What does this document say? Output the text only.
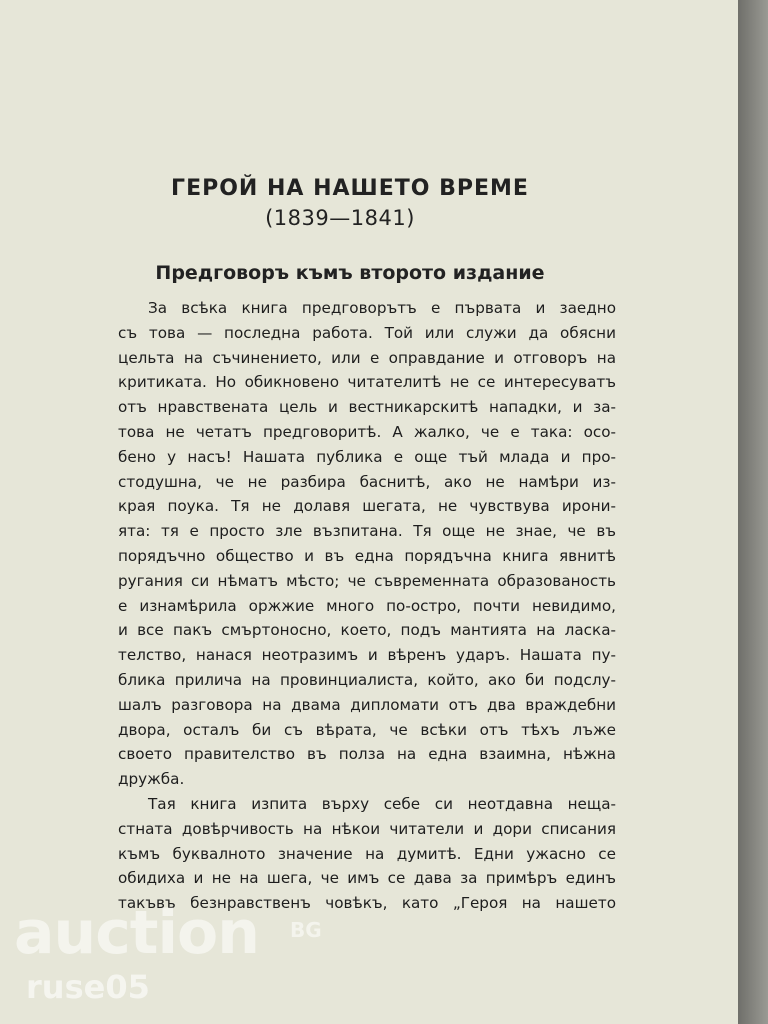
ГЕРОЙ НА НАШЕТО ВРЕМЕ
(1839—1841)
Предговоръ къмъ второто издание
За всѣка книга предговорътъ е първата и заедно
съ това — последна работа. Той или служи да обясни
цельта на съчинението, или е оправдание и отговоръ на
критиката. Но обикновено читателитѣ не се интересуватъ
отъ нравствената цель и вестникарскитѣ нападки, и за-
това не четатъ предговоритѣ. А жалко, че е така: осо-
бено у насъ! Нашата публика е още тъй млада и про-
стодушна, че не разбира баснитѣ, ако не намѣри из-
края поука. Тя не долавя шегата, не чувствува ирони-
ята: тя е просто зле възпитана. Тя още не знае, че въ
порядъчно общество и въ една порядъчна книга явнитѣ
ругания си нѣматъ мѣсто; че съвременната образованость
е изнамѣрила оржжие много по-остро, почти невидимо,
и все пакъ смъртоносно, което, подъ мантията на ласка-
телство, нанася неотразимъ и вѣренъ ударъ. Нашата пу-
блика прилича на провинциалиста, който, ако би подслу-
шалъ разговора на двама дипломати отъ два враждебни
двора, осталъ би съ вѣрата, че всѣки отъ тѣхъ лъже
своето правителство въ полза на една взаимна, нѣжна
дружба.
Тая книга изпита върху себе си неотдавна неща-
стната довѣрчивость на нѣкои читатели и дори списания
къмъ буквалното значение на думитѣ. Едни ужасно се
обидиха и не на шега, че имъ се дава за примѣръ единъ
такъвъ безнравственъ човѣкъ, като „Героя на нашето
auction BG
ruse05
